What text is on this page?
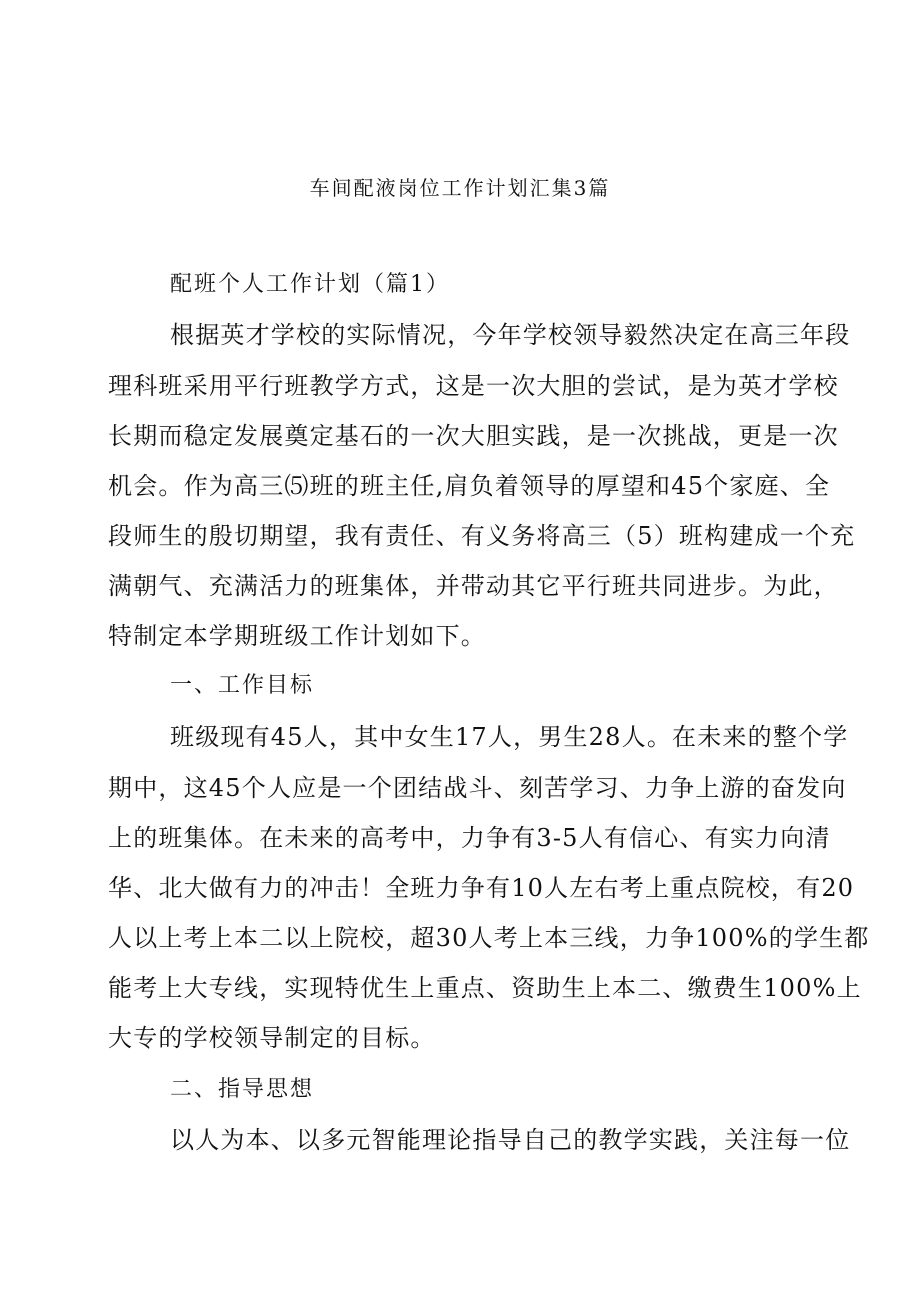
车间配液岗位工作计划汇集3篇
配班个人工作计划（篇1）
根据英才学校的实际情况，今年学校领导毅然决定在高三年段
理科班采用平行班教学方式，这是一次大胆的尝试，是为英才学校
长期而稳定发展奠定基石的一次大胆实践，是一次挑战，更是一次
机会。作为高三⑸班的班主任,肩负着领导的厚望和45个家庭、全
段师生的殷切期望，我有责任、有义务将高三（5）班构建成一个充
满朝气、充满活力的班集体，并带动其它平行班共同进步。为此，
特制定本学期班级工作计划如下。
一、工作目标
班级现有45人，其中女生17人，男生28人。在未来的整个学
期中，这45个人应是一个团结战斗、刻苦学习、力争上游的奋发向
上的班集体。在未来的高考中，力争有3-5人有信心、有实力向清
华、北大做有力的冲击！全班力争有10人左右考上重点院校，有20
人以上考上本二以上院校，超30人考上本三线，力争100%的学生都
能考上大专线，实现特优生上重点、资助生上本二、缴费生100%上
大专的学校领导制定的目标。
二、指导思想
以人为本、以多元智能理论指导自己的教学实践，关注每一位
